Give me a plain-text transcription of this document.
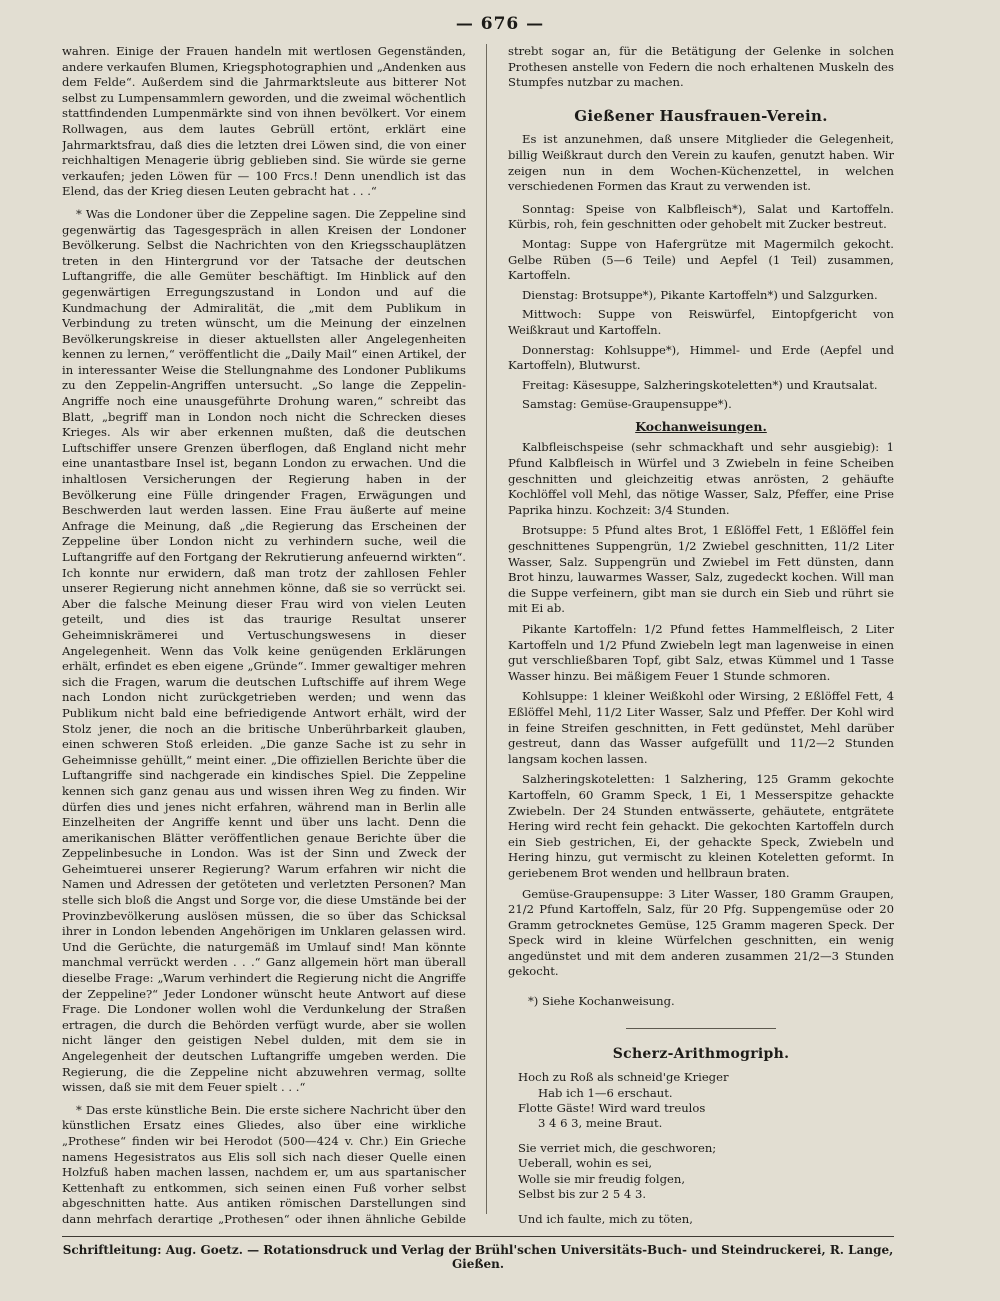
— 676 —

wahren. Einige der Frauen handeln mit wertlosen Gegenständen, andere verkaufen Blumen, Kriegsphotographien und „Andenken aus dem Felde“. Außerdem sind die Jahrmarktsleute aus bitterer Not selbst zu Lumpensammlern geworden, und die zweimal wöchentlich stattfindenden Lumpenmärkte sind von ihnen bevölkert. Vor einem Rollwagen, aus dem lautes Gebrüll ertönt, erklärt eine Jahrmarktsfrau, daß dies die letzten drei Löwen sind, die von einer reichhaltigen Menagerie übrig geblieben sind. Sie würde sie gerne verkaufen; jeden Löwen für — 100 Frcs.! Denn unendlich ist das Elend, das der Krieg diesen Leuten gebracht hat . . .“

* Was die Londoner über die Zeppeline sagen. Die Zeppeline sind gegenwärtig das Tagesgespräch in allen Kreisen der Londoner Bevölkerung. Selbst die Nachrichten von den Kriegsschauplätzen treten in den Hintergrund vor der Tatsache der deutschen Luftangriffe, die alle Gemüter beschäftigt. Im Hinblick auf den gegenwärtigen Erregungszustand in London und auf die Kundmachung der Admiralität, die „mit dem Publikum in Verbindung zu treten wünscht, um die Meinung der einzelnen Bevölkerungskreise in dieser aktuellsten aller Angelegenheiten kennen zu lernen,“ veröffentlicht die „Daily Mail“ einen Artikel, der in interessanter Weise die Stellungnahme des Londoner Publikums zu den Zeppelin-Angriffen untersucht. „So lange die Zeppelin-Angriffe noch eine unausgeführte Drohung waren,“ schreibt das Blatt, „begriff man in London noch nicht die Schrecken dieses Krieges. Als wir aber erkennen mußten, daß die deutschen Luftschiffer unsere Grenzen überflogen, daß England nicht mehr eine unantastbare Insel ist, begann London zu erwachen. Und die inhaltlosen Versicherungen der Regierung haben in der Bevölkerung eine Fülle dringender Fragen, Erwägungen und Beschwerden laut werden lassen. Eine Frau äußerte auf meine Anfrage die Meinung, daß „die Regierung das Erscheinen der Zeppeline über London nicht zu verhindern suche, weil die Luftangriffe auf den Fortgang der Rekrutierung anfeuernd wirkten“. Ich konnte nur erwidern, daß man trotz der zahllosen Fehler unserer Regierung nicht annehmen könne, daß sie so verrückt sei. Aber die falsche Meinung dieser Frau wird von vielen Leuten geteilt, und dies ist das traurige Resultat unserer Geheimniskrämerei und Vertuschungswesens in dieser Angelegenheit. Wenn das Volk keine genügenden Erklärungen erhält, erfindet es eben eigene „Gründe“. Immer gewaltiger mehren sich die Fragen, warum die deutschen Luftschiffe auf ihrem Wege nach London nicht zurückgetrieben werden; und wenn das Publikum nicht bald eine befriedigende Antwort erhält, wird der Stolz jener, die noch an die britische Unberührbarkeit glauben, einen schweren Stoß erleiden. „Die ganze Sache ist zu sehr in Geheimnisse gehüllt,“ meint einer. „Die offiziellen Berichte über die Luftangriffe sind nachgerade ein kindisches Spiel. Die Zeppeline kennen sich ganz genau aus und wissen ihren Weg zu finden. Wir dürfen dies und jenes nicht erfahren, während man in Berlin alle Einzelheiten der Angriffe kennt und über uns lacht. Denn die amerikanischen Blätter veröffentlichen genaue Berichte über die Zeppelinbesuche in London. Was ist der Sinn und Zweck der Geheimtuerei unserer Regierung? Warum erfahren wir nicht die Namen und Adressen der getöteten und verletzten Personen? Man stelle sich bloß die Angst und Sorge vor, die diese Umstände bei der Provinzbevölkerung auslösen müssen, die so über das Schicksal ihrer in London lebenden Angehörigen im Unklaren gelassen wird. Und die Gerüchte, die naturgemäß im Umlauf sind! Man könnte manchmal verrückt werden . . .“ Ganz allgemein hört man überall dieselbe Frage: „Warum verhindert die Regierung nicht die Angriffe der Zeppeline?“ Jeder Londoner wünscht heute Antwort auf diese Frage. Die Londoner wollen wohl die Verdunkelung der Straßen ertragen, die durch die Behörden verfügt wurde, aber sie wollen nicht länger den geistigen Nebel dulden, mit dem sie in Angelegenheit der deutschen Luftangriffe umgeben werden. Die Regierung, die die Zeppeline nicht abzuwehren vermag, sollte wissen, daß sie mit dem Feuer spielt . . .“

* Das erste künstliche Bein. Die erste sichere Nachricht über den künstlichen Ersatz eines Gliedes, also über eine wirkliche „Prothese“ finden wir bei Herodot (500—424 v. Chr.) Ein Grieche namens Hegesistratos aus Elis soll sich nach dieser Quelle einen Holzfuß haben machen lassen, nachdem er, um aus spartanischer Kettenhaft zu entkommen, sich seinen einen Fuß vorher selbst abgeschnitten hatte. Aus antiken römischen Darstellungen sind dann mehrfach derartige „Prothesen“ oder ihnen ähnliche Gebilde

strebt sogar an, für die Betätigung der Gelenke in solchen Prothesen anstelle von Federn die noch erhaltenen Muskeln des Stumpfes nutzbar zu machen.

Gießener Hausfrauen-Verein.

Es ist anzunehmen, daß unsere Mitglieder die Gelegenheit, billig Weißkraut durch den Verein zu kaufen, genutzt haben. Wir zeigen nun in dem Wochen-Küchenzettel, in welchen verschiedenen Formen das Kraut zu verwenden ist.

Sonntag: Speise von Kalbfleisch*), Salat und Kartoffeln. Kürbis, roh, fein geschnitten oder gehobelt mit Zucker bestreut.

Montag: Suppe von Hafergrütze mit Magermilch gekocht. Gelbe Rüben (5—6 Teile) und Aepfel (1 Teil) zusammen, Kartoffeln.

Dienstag: Brotsuppe*), Pikante Kartoffeln*) und Salzgurken.

Mittwoch: Suppe von Reiswürfel, Eintopfgericht von Weißkraut und Kartoffeln.

Donnerstag: Kohlsuppe*), Himmel- und Erde (Aepfel und Kartoffeln), Blutwurst.

Freitag: Käsesuppe, Salzheringskoteletten*) und Krautsalat.

Samstag: Gemüse-Graupensuppe*).

Kochanweisungen.

Kalbfleischspeise (sehr schmackhaft und sehr ausgiebig): 1 Pfund Kalbfleisch in Würfel und 3 Zwiebeln in feine Scheiben geschnitten und gleichzeitig etwas anrösten, 2 gehäufte Kochlöffel voll Mehl, das nötige Wasser, Salz, Pfeffer, eine Prise Paprika hinzu. Kochzeit: 3/4 Stunden.

Brotsuppe: 5 Pfund altes Brot, 1 Eßlöffel Fett, 1 Eßlöffel fein geschnittenes Suppengrün, 1/2 Zwiebel geschnitten, 11/2 Liter Wasser, Salz. Suppengrün und Zwiebel im Fett dünsten, dann Brot hinzu, lauwarmes Wasser, Salz, zugedeckt kochen. Will man die Suppe verfeinern, gibt man sie durch ein Sieb und rührt sie mit Ei ab.

Pikante Kartoffeln: 1/2 Pfund fettes Hammelfleisch, 2 Liter Kartoffeln und 1/2 Pfund Zwiebeln legt man lagenweise in einen gut verschließbaren Topf, gibt Salz, etwas Kümmel und 1 Tasse Wasser hinzu. Bei mäßigem Feuer 1 Stunde schmoren.

Kohlsuppe: 1 kleiner Weißkohl oder Wirsing, 2 Eßlöffel Fett, 4 Eßlöffel Mehl, 11/2 Liter Wasser, Salz und Pfeffer. Der Kohl wird in feine Streifen geschnitten, in Fett gedünstet, Mehl darüber gestreut, dann das Wasser aufgefüllt und 11/2—2 Stunden langsam kochen lassen.

Salzheringskoteletten: 1 Salzhering, 125 Gramm gekochte Kartoffeln, 60 Gramm Speck, 1 Ei, 1 Messerspitze gehackte Zwiebeln. Der 24 Stunden entwässerte, gehäutete, entgrätete Hering wird recht fein gehackt. Die gekochten Kartoffeln durch ein Sieb gestrichen, Ei, der gehackte Speck, Zwiebeln und Hering hinzu, gut vermischt zu kleinen Koteletten geformt. In geriebenem Brot wenden und hellbraun braten.

Gemüse-Graupensuppe: 3 Liter Wasser, 180 Gramm Graupen, 21/2 Pfund Kartoffeln, Salz, für 20 Pfg. Suppengemüse oder 20 Gramm getrocknetes Gemüse, 125 Gramm mageren Speck. Der Speck wird in kleine Würfelchen geschnitten, ein wenig angedünstet und mit dem anderen zusammen 21/2—3 Stunden gekocht.

*) Siehe Kochanweisung.

Scherz-Arithmogriph.
Hoch zu Roß als schneid'ge Krieger
Hab ich 1—6 erschaut.
Flotte Gäste! Wird ward treulos
3 4 6 3, meine Braut.
Sie verriet mich, die geschworen;
Ueberall, wohin es sei,
Wolle sie mir freudig folgen,
Selbst bis zur 2 5 4 3.
Und ich faulte, mich zu töten,

Schriftleitung: Aug. Goetz. — Rotationsdruck und Verlag der Brühl'schen Universitäts-Buch- und Steindruckerei, R. Lange, Gießen.
